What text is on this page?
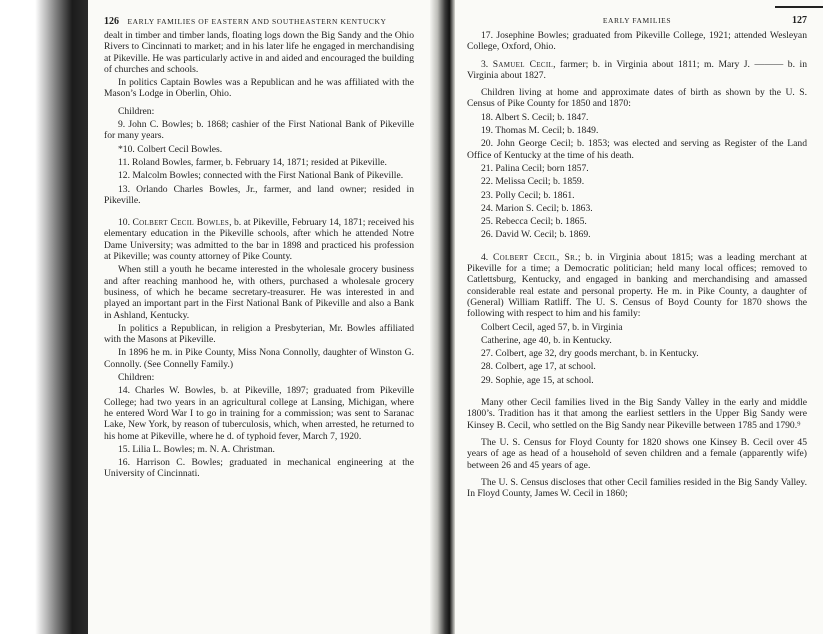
126 EARLY FAMILIES OF EASTERN AND SOUTHEASTERN KENTUCKY

dealt in timber and timber lands, floating logs down the Big Sandy and the Ohio Rivers to Cincinnati to market; and in his later life he engaged in merchandising at Pikeville. He was particularly active in and aided and encouraged the building of churches and schools.

In politics Captain Bowles was a Republican and he was affiliated with the Mason’s Lodge in Oberlin, Ohio.

Children:

9. John C. Bowles; b. 1868; cashier of the First National Bank of Pikeville for many years.

*10. Colbert Cecil Bowles.

11. Roland Bowles, farmer, b. February 14, 1871; resided at Pikeville.

12. Malcolm Bowles; connected with the First National Bank of Pikeville.

13. Orlando Charles Bowles, Jr., farmer, and land owner; resided in Pikeville.

10. Colbert Cecil Bowles, b. at Pikeville, February 14, 1871; received his elementary education in the Pikeville schools, after which he attended Notre Dame University; was admitted to the bar in 1898 and practiced his profession at Pikeville; was county attorney of Pike County.

When still a youth he became interested in the wholesale grocery business and after reaching manhood he, with others, purchased a wholesale grocery business, of which he became secretary-treasurer. He was interested in and played an important part in the First National Bank of Pikeville and also a Bank in Ashland, Kentucky.

In politics a Republican, in religion a Presbyterian, Mr. Bowles affiliated with the Masons at Pikeville.

In 1896 he m. in Pike County, Miss Nona Connolly, daughter of Winston G. Connolly. (See Connelly Family.)

Children:

14. Charles W. Bowles, b. at Pikeville, 1897; graduated from Pikeville College; had two years in an agricultural college at Lansing, Michigan, where he entered Word War I to go in training for a commission; was sent to Saranac Lake, New York, by reason of tuberculosis, which, when arrested, he returned to his home at Pikeville, where he d. of typhoid fever, March 7, 1920.

15. Lilia L. Bowles; m. N. A. Christman.

16. Harrison C. Bowles; graduated in mechanical engineering at the University of Cincinnati.

EARLY FAMILIES	127

17. Josephine Bowles; graduated from Pikeville College, 1921; attended Wesleyan College, Oxford, Ohio.

3. Samuel Cecil, farmer; b. in Virginia about 1811; m. Mary J. ——— b. in Virginia about 1827.

Children living at home and approximate dates of birth as shown by the U. S. Census of Pike County for 1850 and 1870:

18. Albert S. Cecil; b. 1847.

19. Thomas M. Cecil; b. 1849.

20. John George Cecil; b. 1853; was elected and serving as Register of the Land Office of Kentucky at the time of his death.

21. Palina Cecil; born 1857.

22. Melissa Cecil; b. 1859.

23. Polly Cecil; b. 1861.

24. Marion S. Cecil; b. 1863.

25. Rebecca Cecil; b. 1865.

26. David W. Cecil; b. 1869.

4. Colbert Cecil, Sr.; b. in Virginia about 1815; was a leading merchant at Pikeville for a time; a Democratic politician; held many local offices; removed to Catlettsburg, Kentucky, and engaged in banking and merchandising and amassed considerable real estate and personal property. He m. in Pike County, a daughter of (General) William Ratliff. The U. S. Census of Boyd County for 1870 shows the following with respect to him and his family:

Colbert Cecil, aged 57, b. in Virginia

Catherine, age 40, b. in Kentucky.

27. Colbert, age 32, dry goods merchant, b. in Kentucky.

28. Colbert, age 17, at school.

29. Sophie, age 15, at school.

Many other Cecil families lived in the Big Sandy Valley in the early and middle 1800’s. Tradition has it that among the earliest settlers in the Upper Big Sandy were Kinsey B. Cecil, who settled on the Big Sandy near Pikeville between 1785 and 1790.⁹

The U. S. Census for Floyd County for 1820 shows one Kinsey B. Cecil over 45 years of age as head of a household of seven children and a female (apparently wife) between 26 and 45 years of age.

The U. S. Census discloses that other Cecil families resided in the Big Sandy Valley. In Floyd County, James W. Cecil in 1860;
